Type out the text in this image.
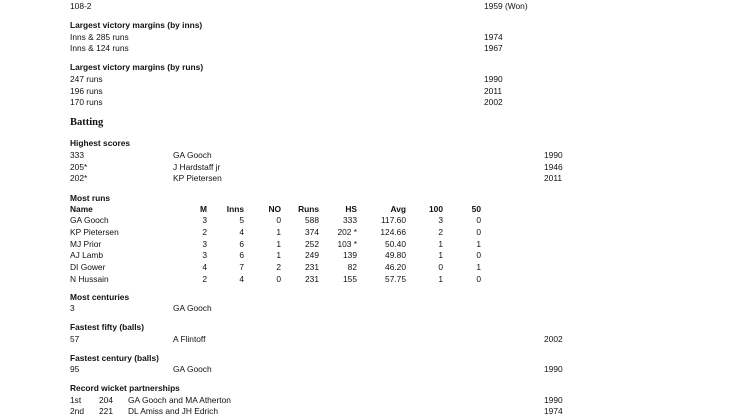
108-2	1959 (Won)
Largest victory margins (by inns)
Inns & 285 runs	1974
Inns & 124 runs	1967
Largest victory margins (by runs)
247 runs	1990
196 runs	2011
170 runs	2002
Batting
Highest scores
333	GA Gooch	1990
205*	J Hardstaff jr	1946
202*	KP Pietersen	2011
Most runs
Name	M	Inns	NO	Runs	HS	Avg	100	50
GA Gooch	3	5	0	588	333	117.60	3	0
KP Pietersen	2	4	1	374	202 *	124.66	2	0
MJ Prior	3	6	1	252	103 *	50.40	1	1
AJ Lamb	3	6	1	249	139	49.80	1	0
DI Gower	4	7	2	231	82	46.20	0	1
N Hussain	2	4	0	231	155	57.75	1	0
Most centuries
3	GA Gooch
Fastest fifty (balls)
57	A Flintoff	2002
Fastest century (balls)
95	GA Gooch	1990
Record wicket partnerships
1st 204 GA Gooch and MA Atherton	1990
2nd 221 DL Amiss and JH Edrich	1974
